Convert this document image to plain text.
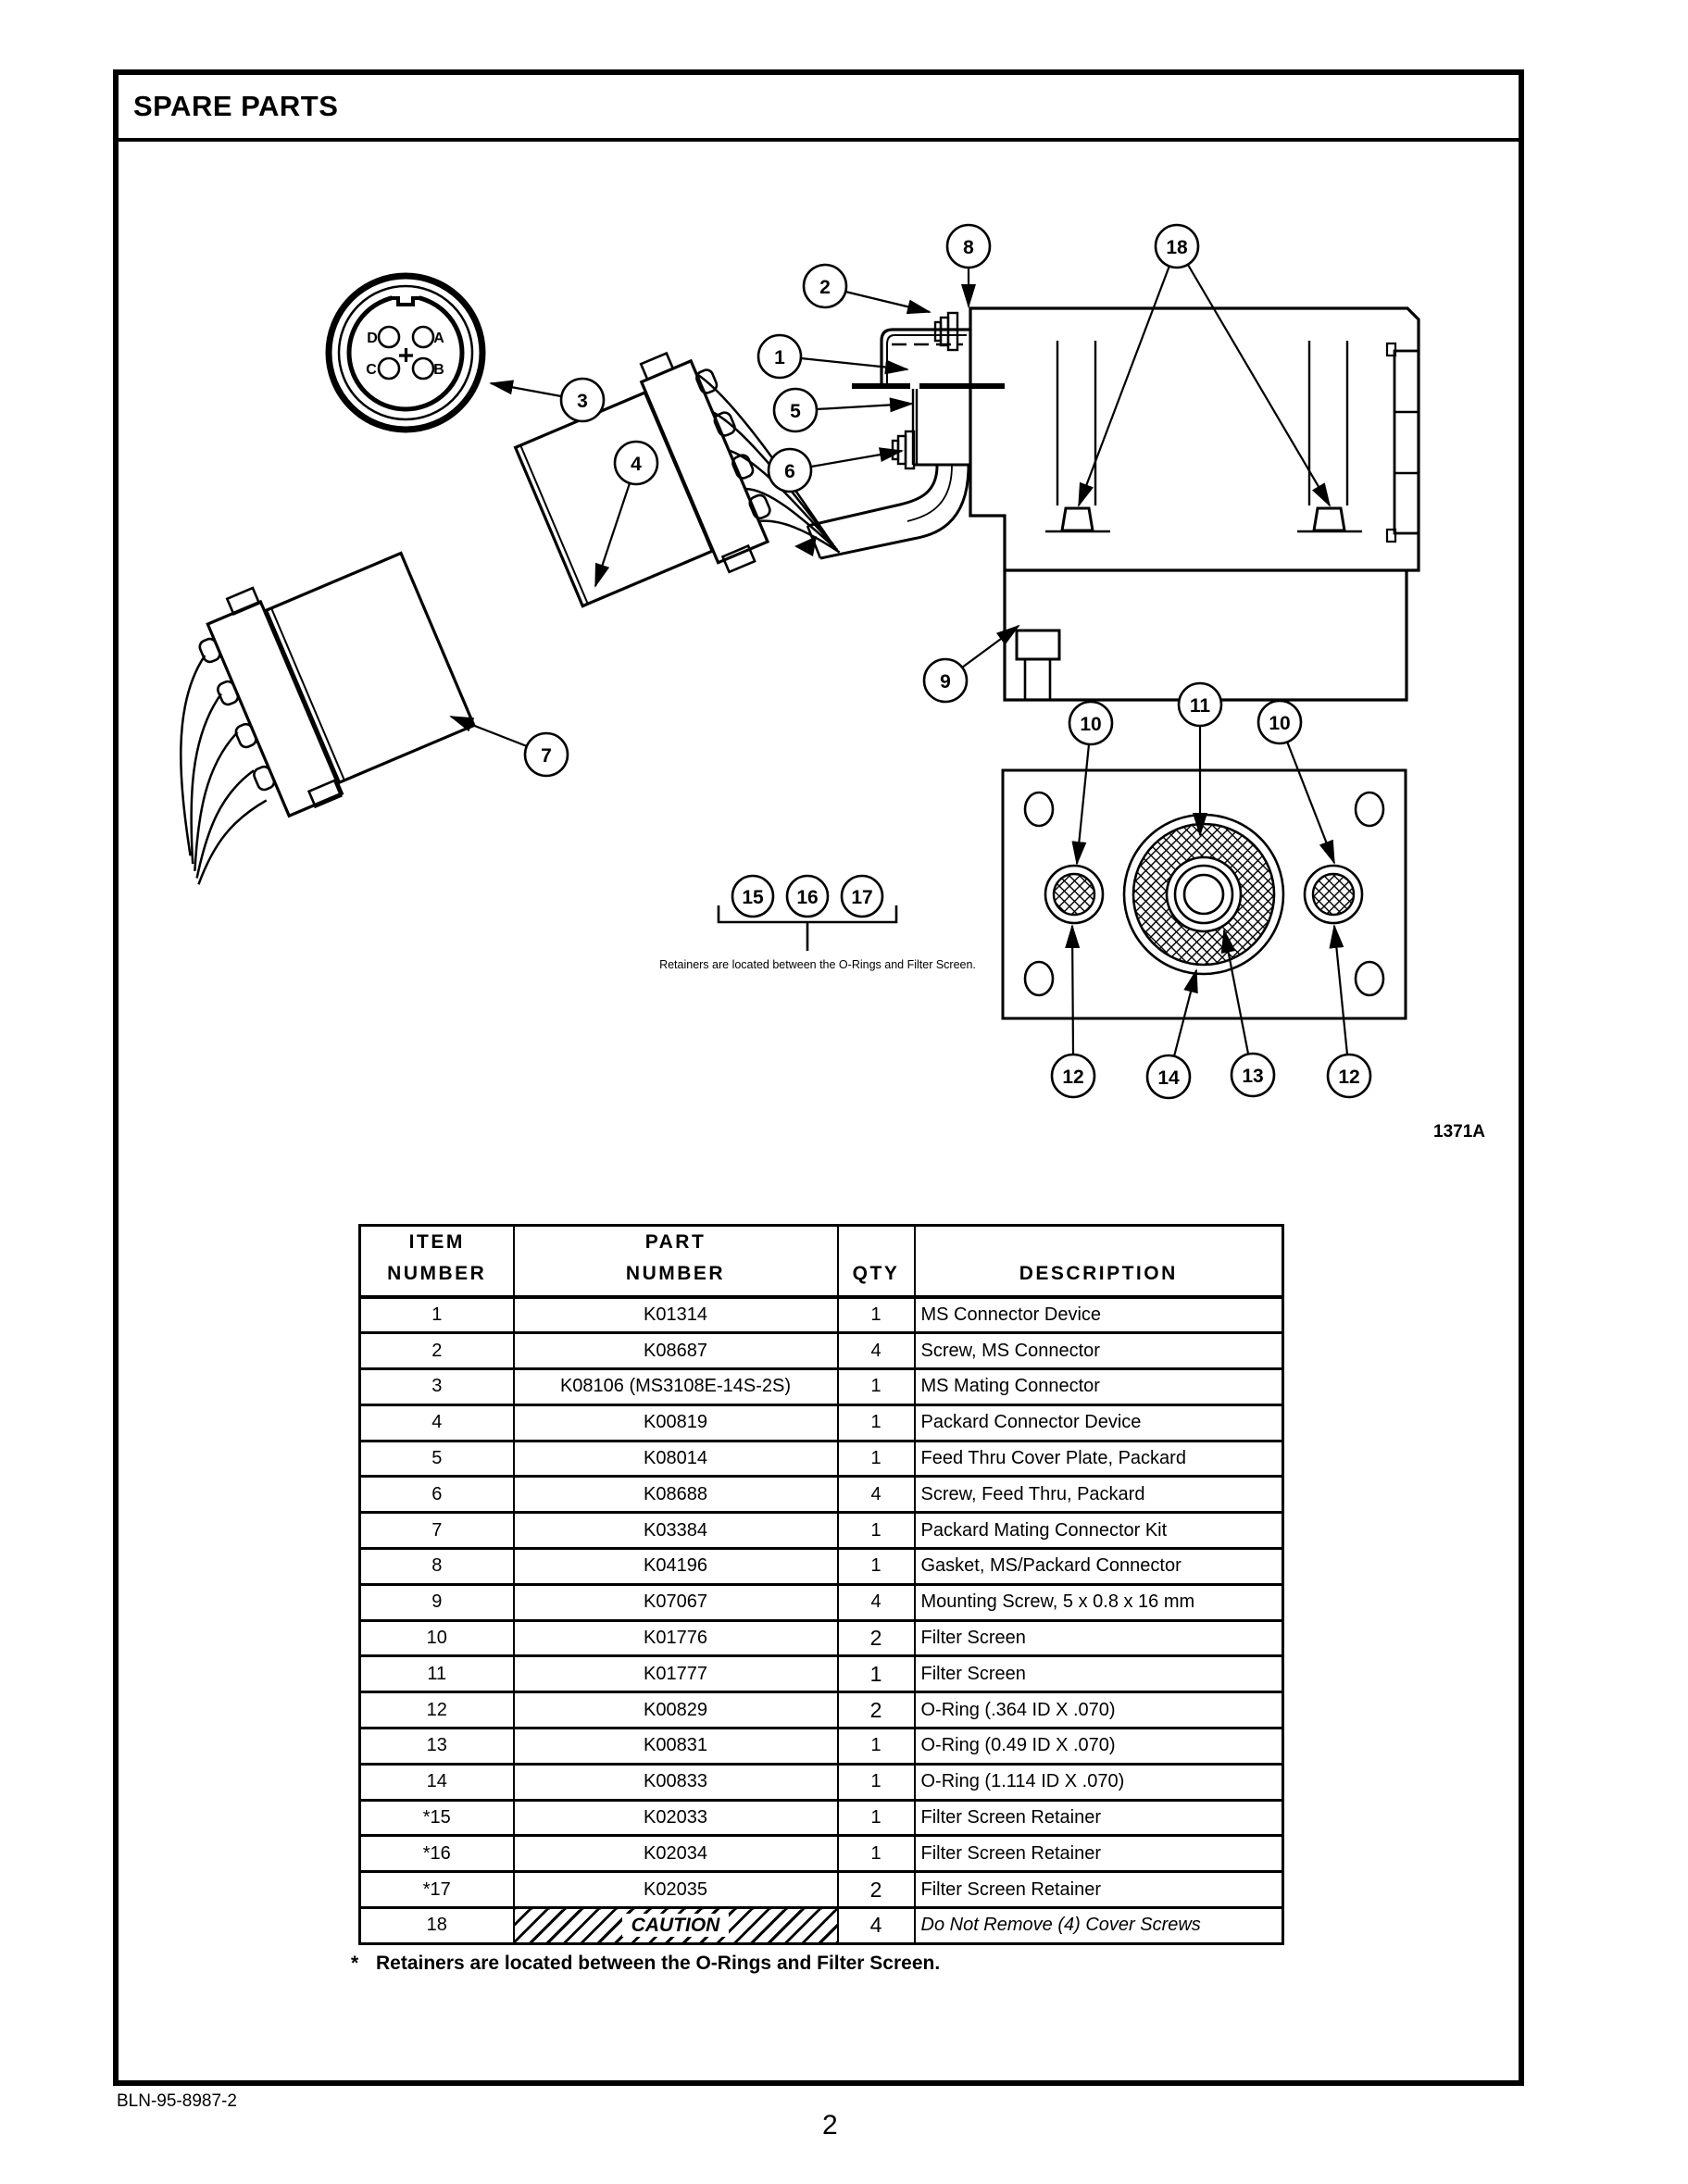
SPARE PARTS
D	A
C	B
Retainers are located between the O-Rings and Filter Screen.
1
2
3
4
5
6
7
8
9
10
11
10
12	14	13	12
15 16 17
18
1371A
ITEM
NUMBER

PART
NUMBER	QTY	DESCRIPTION

1	K01314	1	MS Connector Device
2	K08687	4	Screw, MS Connector
3	K08106 (MS3108E-14S-2S)	1	MS Mating Connector
4	K00819	1	Packard Connector Device
5	K08014	1	Feed Thru Cover Plate, Packard
6	K08688	4	Screw, Feed Thru, Packard
7	K03384	1	Packard Mating Connector Kit
8	K04196	1	Gasket, MS/Packard Connector
9	K07067	4	Mounting Screw, 5 x 0.8 x 16 mm
10	K01776	2	Filter Screen
11	K01777	1	Filter Screen
12	K00829	2	O-Ring (.364 ID X .070)
13	K00831	1	O-Ring (0.49 ID X .070)
14	K00833	1	O-Ring (1.114 ID X .070)
*15	K02033	1	Filter Screen Retainer
*16	K02034	1	Filter Screen Retainer
*17	K02035	2	Filter Screen Retainer
18	CAUTION	4	Do Not Remove (4) Cover Screws
* Retainers are located between the O-Rings and Filter Screen.
BLN-95-8987-2
2
